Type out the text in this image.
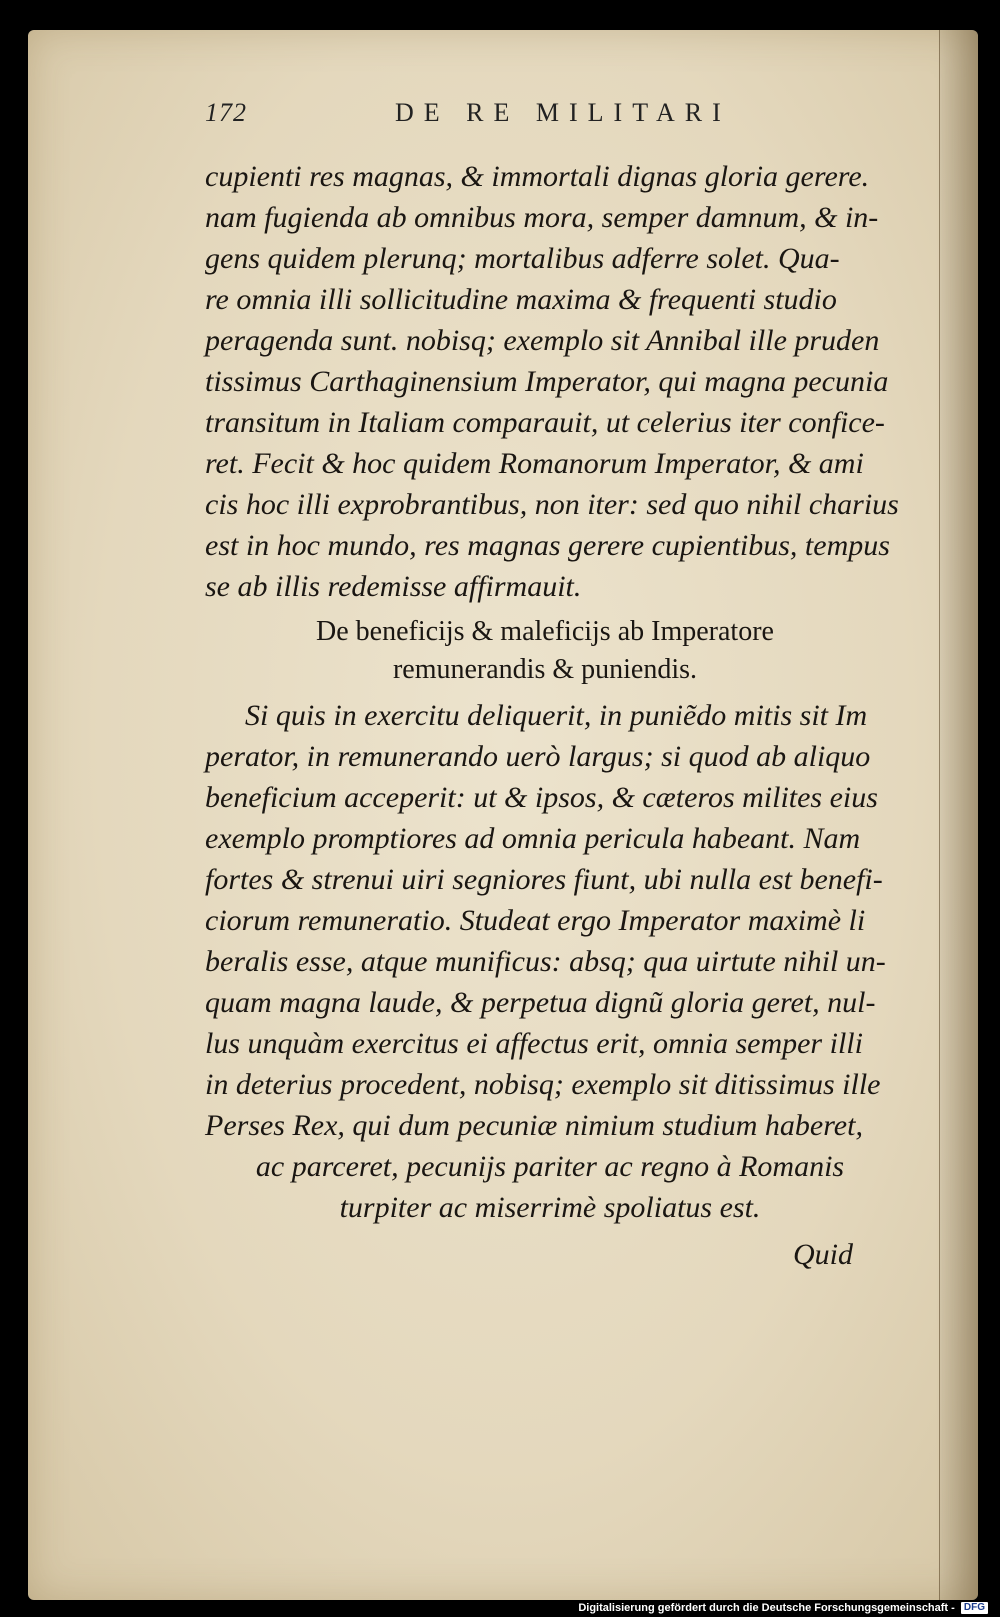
172	DE RE MILITARI
cupienti res magnas, & immortali dignas gloria gerere.
nam fugienda ab omnibus mora, semper damnum, & in-
gens quidem plerunq; mortalibus adferre solet. Qua-
re omnia illi sollicitudine maxima & frequenti studio
peragenda sunt. nobisq; exemplo sit Annibal ille pruden
tissimus Carthaginensium Imperator, qui magna pecunia
transitum in Italiam comparauit, ut celerius iter confice-
ret. Fecit & hoc quidem Romanorum Imperator, & ami
cis hoc illi exprobrantibus, non iter: sed quo nihil charius
est in hoc mundo, res magnas gerere cupientibus, tempus
se ab illis redemisse affirmauit.
De beneficijs & maleficijs ab Imperatore
remunerandis & puniendis.
Si quis in exercitu deliquerit, in puniẽdo mitis sit Im
perator, in remunerando uerò largus; si quod ab aliquo
beneficium acceperit: ut & ipsos, & cæteros milites eius
exemplo promptiores ad omnia pericula habeant. Nam
fortes & strenui uiri segniores fiunt, ubi nulla est benefi-
ciorum remuneratio. Studeat ergo Imperator maximè li
beralis esse, atque munificus: absq; qua uirtute nihil un-
quam magna laude, & perpetua dignũ gloria geret, nul-
lus unquàm exercitus ei affectus erit, omnia semper illi
in deterius procedent, nobisq; exemplo sit ditissimus ille
Perses Rex, qui dum pecuniæ nimium studium haberet,
ac parceret, pecunijs pariter ac regno à Romanis
turpiter ac miserrimè spoliatus est.
Quid
Digitalisierung gefördert durch die Deutsche Forschungsgemeinschaft - DFG
